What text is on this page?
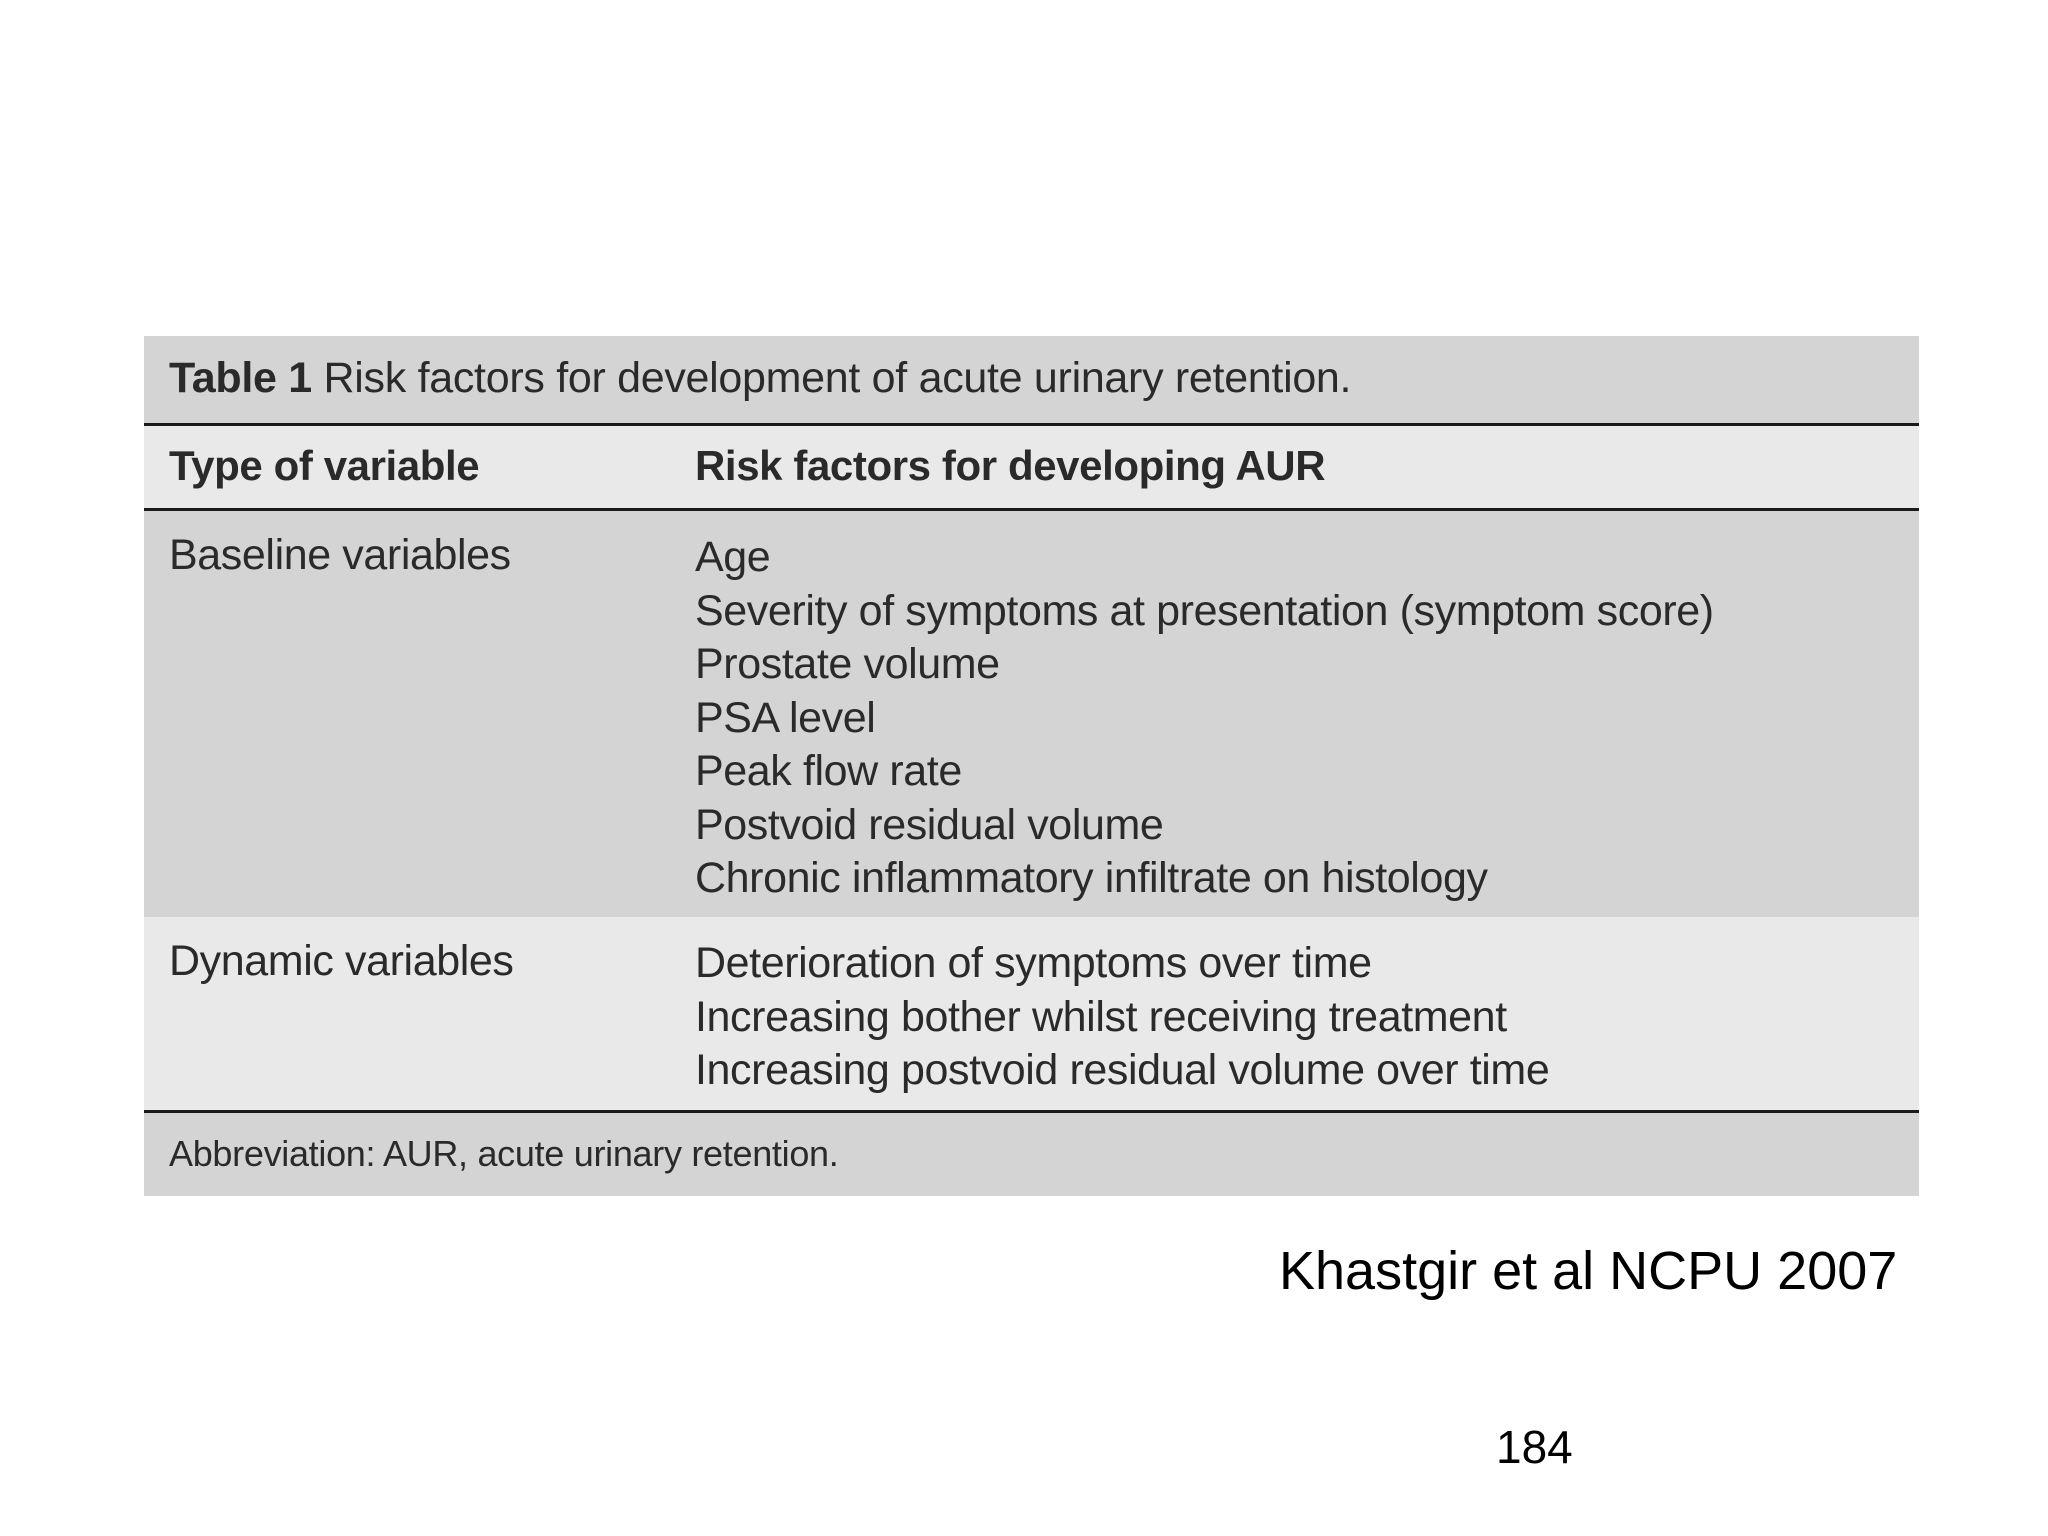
Table 1 Risk factors for development of acute urinary retention.
Type of variable	Risk factors for developing AUR
Baseline variables	Age
Severity of symptoms at presentation (symptom score)
Prostate volume
PSA level
Peak flow rate
Postvoid residual volume
Chronic inflammatory infiltrate on histology
Dynamic variables	Deterioration of symptoms over time
Increasing bother whilst receiving treatment
Increasing postvoid residual volume over time
Abbreviation: AUR, acute urinary retention.
Khastgir et al NCPU 2007
184
